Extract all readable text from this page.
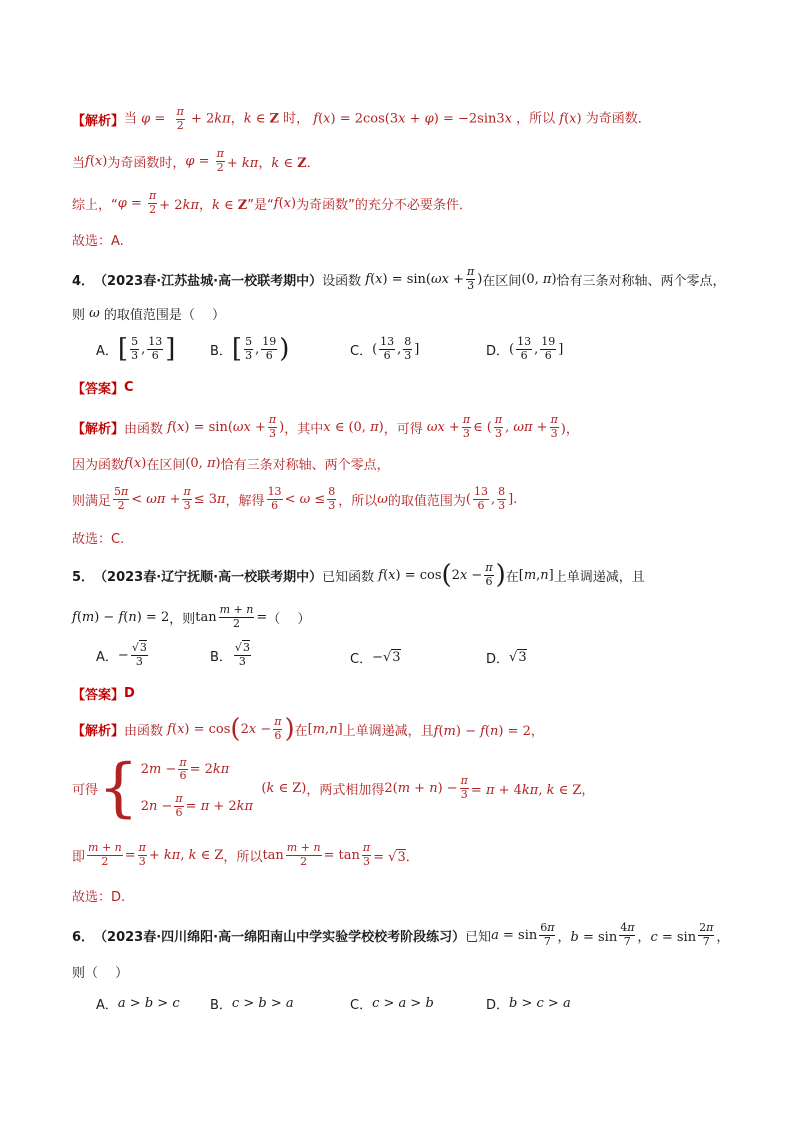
【解析】 当 $\varphi = \frac{\pi}{2} + 2k\pi$，k ∈ Z 时， f(x) = 2cos(3x + φ) = −2sin3x ，所以 f(x) 为奇函数．
当 f(x) 为奇函数时， $\varphi = \frac{\pi}{2} + k\pi$，k ∈ Z．
综上，“ $\varphi = \frac{\pi}{2} + 2k\pi$，k ∈ Z ”是“ f(x) 为奇函数”的充分不必要条件．
故选：A.
4． （2023春·江苏盐城·高一校联考期中） 设函数 $f(x) = \sin(\omega x + \frac{\pi}{3}$ ) 在区间 (0, π) 恰有三条对称轴、两个零点，
则 ω 的取值范围是（　 ）
A． [ $\frac{5}{3}$ , $\frac{13}{6}$ ]	B． [ $\frac{5}{3}$ , $\frac{19}{6}$ )	C． ( $\frac{13}{6}$ , $\frac{8}{3}$ ]	D． ( $\frac{13}{6}$ , $\frac{19}{6}$ ]
【答案】 C
【解析】 由函数 $f(x) = \sin(\omega x + \frac{\pi}{3}$ ) ，其中 x ∈ (0, π) ，可得 $\omega x + \frac{\pi}{3}$ ∈ ( $\frac{\pi}{3}$ , $\omega\pi + \frac{\pi}{3}$ )，
因为函数 f(x) 在区间 (0, π) 恰有三条对称轴、两个零点，
则满足 $\frac{5\pi}{2} < \omega\pi + \frac{\pi}{3} \le 3\pi$ ，解得 $\frac{13}{6} < \omega \le \frac{8}{3}$ ，所以 ω 的取值范围为 ( $\frac{13}{6}$ , $\frac{8}{3}$ ].
故选：C.
5． （2023春·辽宁抚顺·高一校联考期中） 已知函数 f(x) = cos ( $2x - \frac{\pi}{6}$ ) 在 [m,n] 上单调递减，且
f(m) − f(n) = 2 ，则 $\tan \frac{m + n}{2}$ = （　 ）
A． − $\frac{√3}{3}$	B． $\frac{√3}{3}$	C． −√3	D． √3
【答案】 D
【解析】 由函数 f(x) = cos ( $2x - \frac{\pi}{6}$ ) 在 [m,n] 上单调递减，且 f(m) − f(n) = 2，
可得 { $2m - \frac{\pi}{6} = 2k\pi$
$2n - \frac{\pi}{6} = \pi + 2k\pi$
(k ∈ Z) ，两式相加得 $2(m + n) - \frac{\pi}{3} = \pi + 4k\pi$, k ∈ Z，
即 $\frac{m + n}{2} = \frac{\pi}{3} + k\pi$, k ∈ Z ，所以 $\tan \frac{m + n}{2} = \tan \frac{\pi}{3} = √3$．
故选：D.
6． （2023春·四川绵阳·高一绵阳南山中学实验学校校考阶段练习） 已知 $a = \sin \frac{6\pi}{7}$ ，$b = \sin \frac{4\pi}{7}$ ，$c = \sin \frac{2\pi}{7}$ ，
则（　 ）
A． a > b > c B． c > b > a	C． c > a > b	D． b > c > a
